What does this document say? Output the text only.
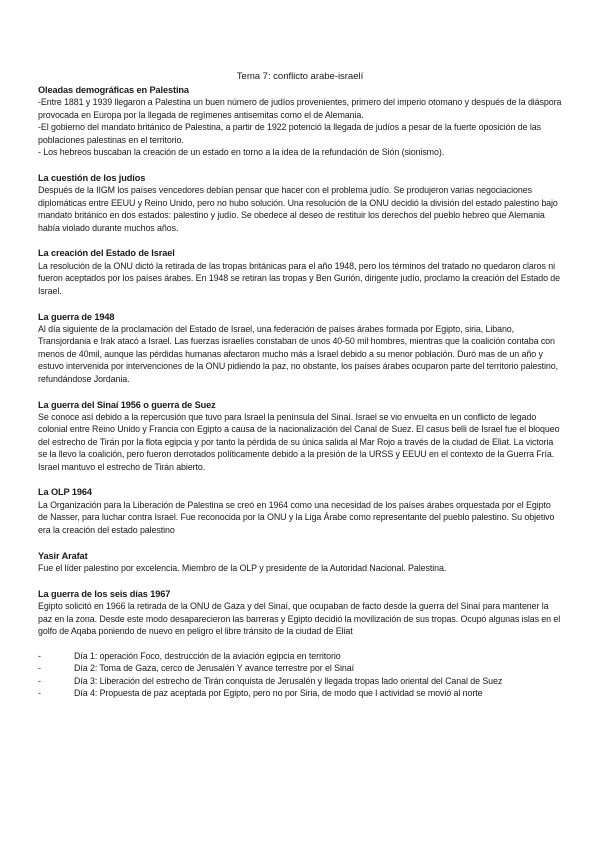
Tema 7: conflicto arabe-israelí

Oleadas demográficas en Palestina

-Entre 1881 y 1939 llegaron a Palestina un buen número de judíos provenientes, primero del imperio otomano y después de la diáspora provocada en Europa por la llegada de regímenes antisemitas como el de Alemania.

-El gobierno del mandato británico de Palestina, a partir de 1922 potenció la llegada de judíos a pesar de la fuerte oposición de las poblaciones palestinas en el territorio.

- Los hebreos buscaban la creación de un estado en torno a la idea de la refundación de Sión (sionismo).

La cuestión de los judíos

Después de la IIGM los países vencedores debían pensar que hacer con el problema judío. Se produjeron varias negociaciones diplomáticas entre EEUU y Reino Unido, pero no hubo solución. Una resolución de la ONU decidió la división del estado palestino bajo mandato británico en dos estados: palestino y judío. Se obedece al deseo de restituir los derechos del pueblo hebreo que Alemania había violado durante muchos años.

La creación del Estado de Israel

La resolución de la ONU dictó la retirada de las tropas británicas para el año 1948, pero los términos del tratado no quedaron claros ni fueron aceptados por los países árabes. En 1948 se retiran las tropas y Ben Gurión, dirigente judío, proclamo la creación del Estado de Israel.

La guerra de 1948

Al día siguiente de la proclamación del Estado de Israel, una federación de países árabes formada por Egipto, siria, Libano, Transjordania e Irak atacó a Israel. Las fuerzas israelíes constaban de unos 40-50 mil hombres, mientras que la coalición contaba con menos de 40mil, aunque las pérdidas humanas afectaron mucho más a Israel debido a su menor población. Duró mas de un año y estuvo intervenida por intervenciones de la ONU pidiendo la paz, no obstante, los países árabes ocuparon parte del territorio palestino, refundándose Jordania.

La guerra del Sinaí 1956 o guerra de Suez

Se conoce así debido a la repercusión que tuvo para Israel la península del Sinaí. Israel se vio envuelta en un conflicto de legado colonial entre Reino Unido y Francia con Egipto a causa de la nacionalización del Canal de Suez. El casus belli de Israel fue el bloqueo del estrecho de Tirán por la flota egipcia y por tanto la pérdida de su única salida al Mar Rojo a través de la ciudad de Eliat. La victoria se la llevo la coalición, pero fueron derrotados políticamente debido a la presión de la URSS y EEUU en el contexto de la Guerra Fría. Israel mantuvo el estrecho de Tirán abierto.

La OLP 1964

La Organización para la Liberación de Palestina se creó en 1964 como una necesidad de los países árabes orquestada por el Egipto de Nasser, para luchar contra Israel. Fue reconocida por la ONU y la Liga Árabe como representante del pueblo palestino. Su objetivo era la creación del estado palestino

Yasir Arafat

Fue el líder palestino por excelencia. Miembro de la OLP y presidente de la Autoridad Nacional. Palestina.

La guerra de los seis días 1967

Egipto solicitó en 1966 la retirada de la ONU de Gaza y del Sinaí, que ocupaban de facto desde la guerra del Sinaí para mantener la paz en la zona. Desde este modo desaparecieron las barreras y Egipto decidió la movilización de sus tropas. Ocupó algunas islas en el golfo de Aqaba poniendo de nuevo en peligro el libre tránsito de la ciudad de Eliat

-	Día 1: operación Foco, destrucción de la aviación egipcia en territorio
-	Día 2: Toma de Gaza, cerco de Jerusalén Y avance terrestre por el Sinaí
-	Día 3: Liberación del estrecho de Tirán conquista de Jerusalén y llegada tropas lado oriental del Canal de Suez
-	Día 4: Propuesta de paz aceptada por Egipto, pero no por Siria, de modo que l actividad se movió al norte
